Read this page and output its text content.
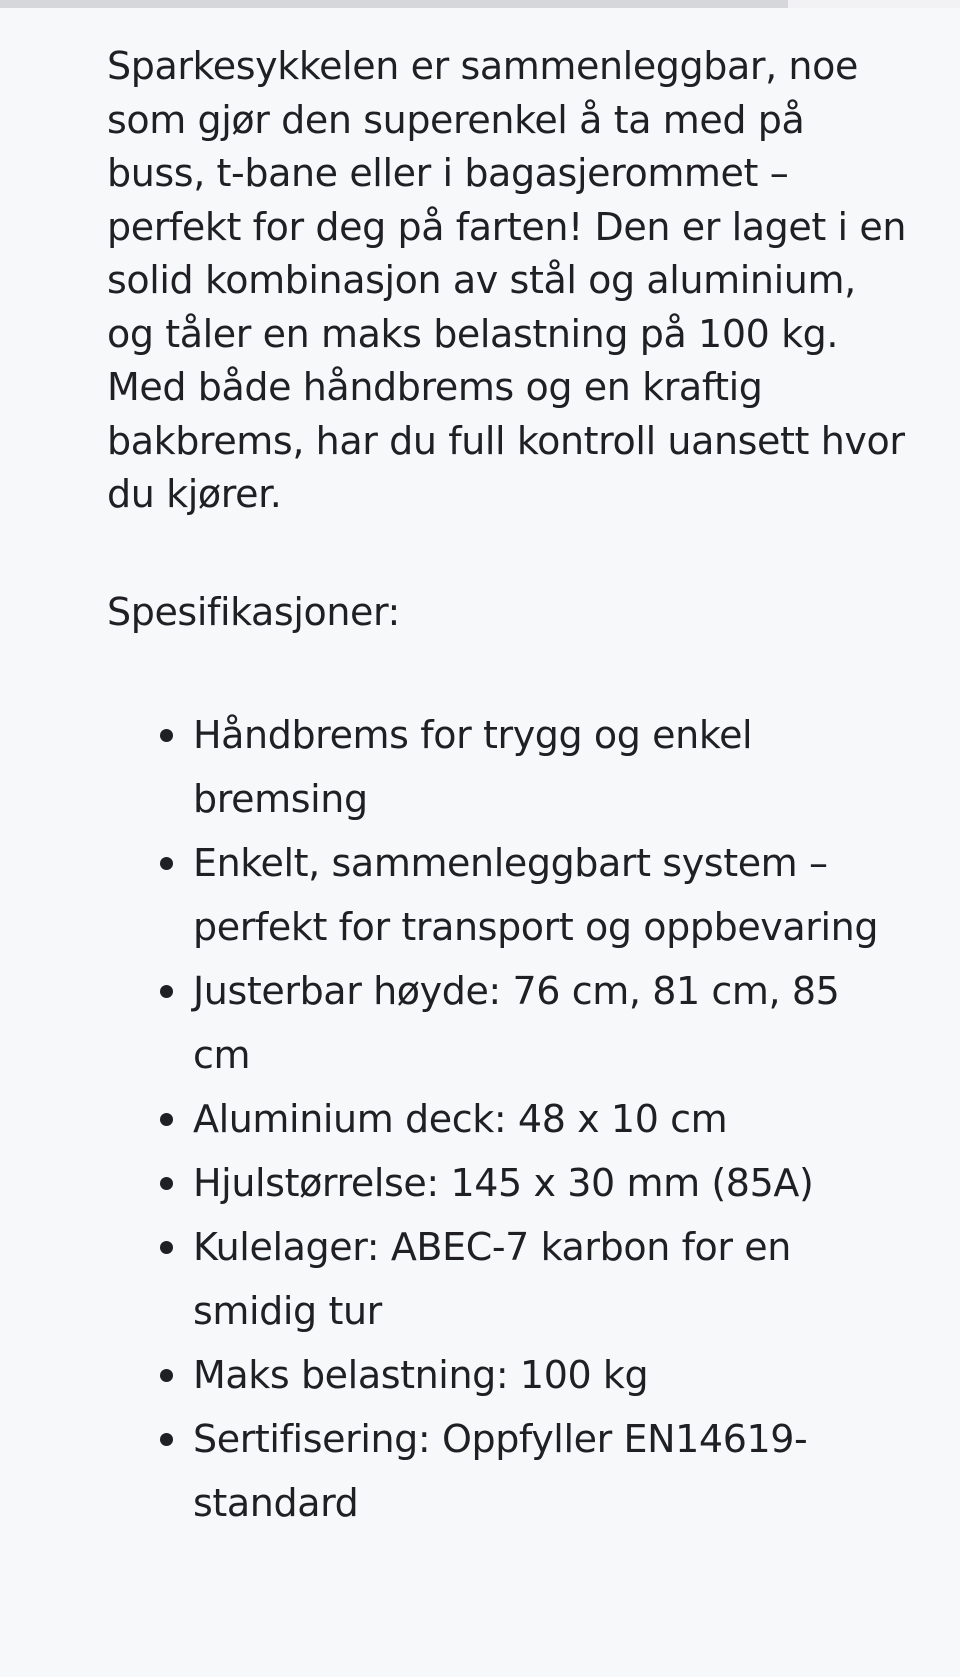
Sparkesykkelen er sammenleggbar, noe som gjør den superenkel å ta med på buss, t-bane eller i bagasjerommet – perfekt for deg på farten! Den er laget i en solid kombinasjon av stål og aluminium, og tåler en maks belastning på 100 kg. Med både håndbrems og en kraftig bakbrems, har du full kontroll uansett hvor du kjører.

Spesifikasjoner:

Håndbrems for trygg og enkel bremsing
Enkelt, sammenleggbart system – perfekt for transport og oppbevaring
Justerbar høyde: 76 cm, 81 cm, 85 cm
Aluminium deck: 48 x 10 cm
Hjulstørrelse: 145 x 30 mm (85A)
Kulelager: ABEC-7 karbon for en smidig tur
Maks belastning: 100 kg
Sertifisering: Oppfyller EN14619-standard
